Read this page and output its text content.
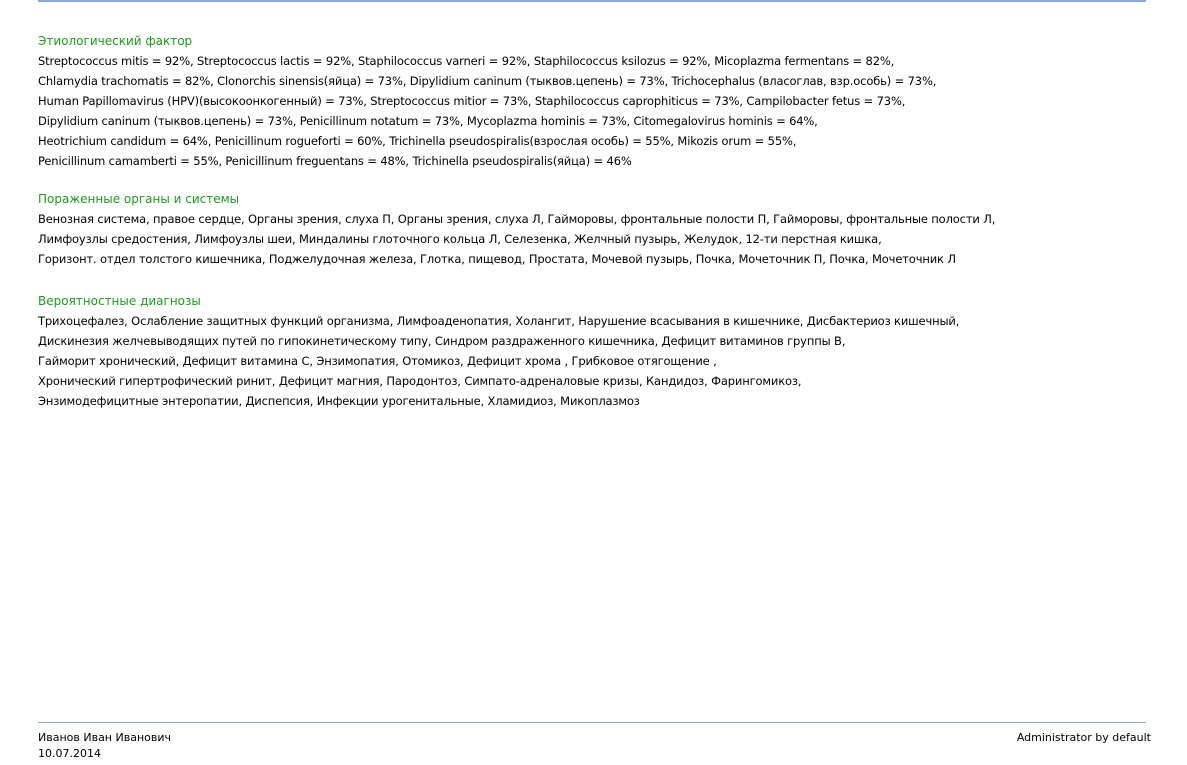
Этиологический фактор
Streptococcus mitis = 92%, Streptococcus lactis = 92%, Staphilococcus varneri = 92%, Staphilococcus ksilozus = 92%, Micoplazma fermentans = 82%,
Chlamydia trachomatis = 82%, Clonorchis sinensis(яйца) = 73%, Dipylidium caninum (тыквов.цепень) = 73%, Trichocephalus (власоглав, взр.особь) = 73%,
Human Papillomavirus (HPV)(высокоонкогенный) = 73%, Streptococcus mitior = 73%, Staphilococcus caprophiticus = 73%, Campilobacter fetus = 73%,
Dipylidium caninum (тыквов.цепень) = 73%, Penicillinum notatum = 73%, Mycoplazma hominis = 73%, Citomegalovirus hominis = 64%,
Heotrichium candidum = 64%, Penicillinum roguefortі = 60%, Trichinella pseudospiralis(взрослая особь) = 55%, Mikozis orum = 55%,
Penicillinum camamberti = 55%, Penicillinum freguentans = 48%, Trichinella pseudospiralis(яйца) = 46%
Пораженные органы и системы
Венозная система, правое сердце, Органы зрения, слуха П, Органы зрения, слуха Л, Гайморовы, фронтальные полости П, Гайморовы, фронтальные полости Л,
Лимфоузлы средостения, Лимфоузлы шеи, Миндалины глоточного кольца Л, Селезенка, Желчный пузырь, Желудок, 12-ти перстная кишка,
Горизонт. отдел толстого кишечника, Поджелудочная железа, Глотка, пищевод, Простата, Мочевой пузырь, Почка, Мочеточник П, Почка, Мочеточник Л
Вероятностные диагнозы
Трихоцефалез, Ослабление защитных функций организма, Лимфоаденопатия, Холангит, Нарушение всасывания в кишечнике, Дисбактериоз кишечный,
Дискинезия желчевыводящих путей по гипокинетическому типу, Синдром раздраженного кишечника, Дефицит витаминов группы В,
Гайморит хронический, Дефицит витамина С, Энзимопатия, Отомикоз, Дефицит хрома , Грибковое отягощение ,
Хронический гипертрофический ринит, Дефицит магния, Пародонтоз, Симпато-адреналовые кризы, Кандидоз, Фарингомикоз,
Энзимодефицитные энтеропатии, Диспепсия, Инфекции урогенитальные, Хламидиоз, Микоплазмоз
Иванов Иван Иванович
10.07.2014
Administrator by default
